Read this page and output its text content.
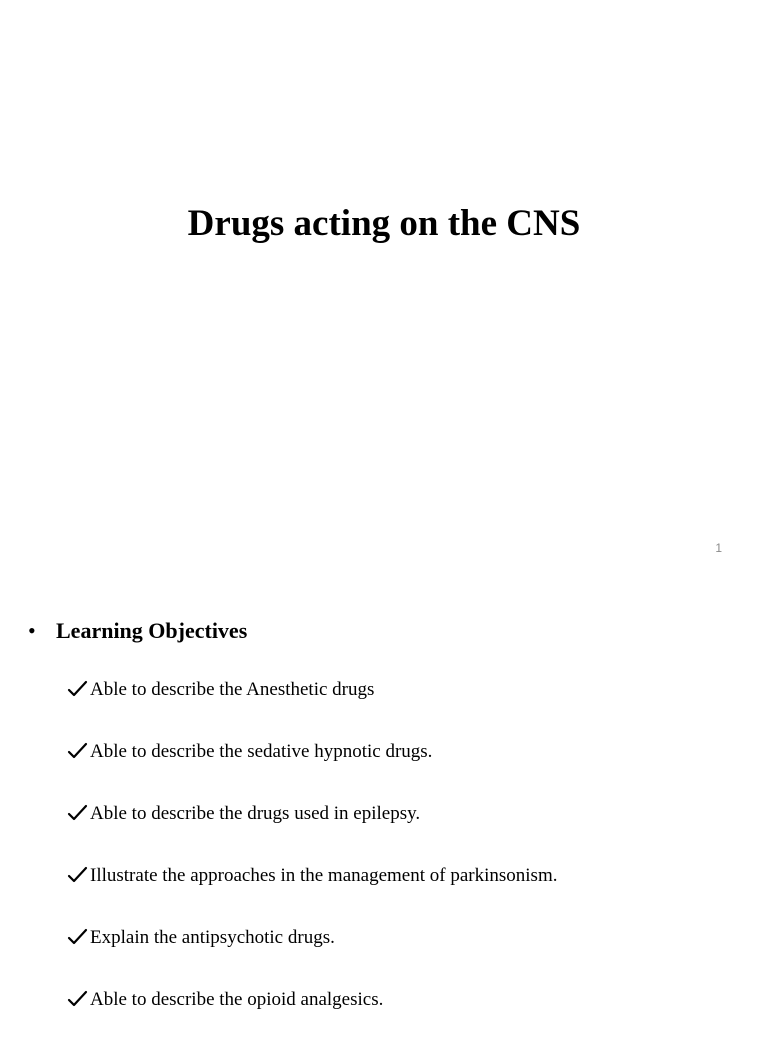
Drugs acting on the CNS
1
• Learning Objectives
Able to describe the Anesthetic drugs
Able to describe the sedative hypnotic drugs.
Able to describe the drugs used in epilepsy.
Illustrate the approaches in the management of parkinsonism.
Explain the antipsychotic drugs.
Able to describe the opioid analgesics.
